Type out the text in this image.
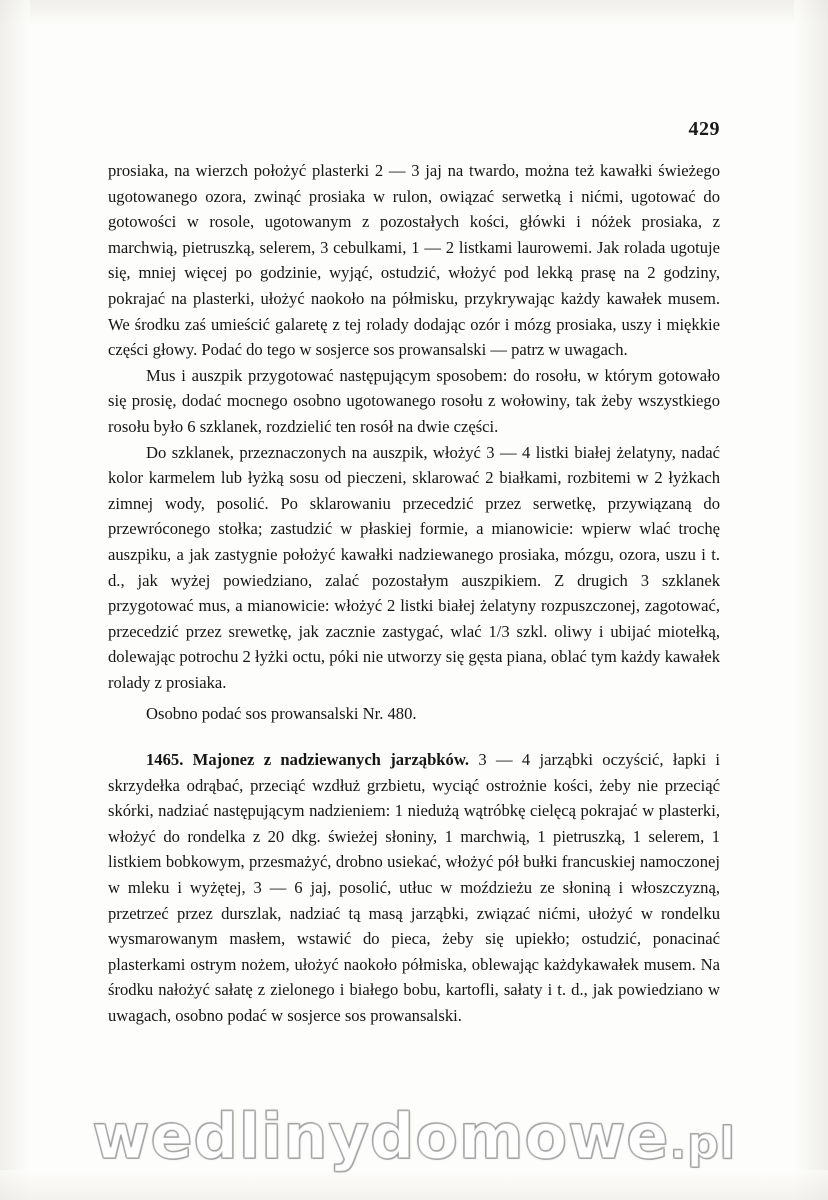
429

prosiaka, na wierzch położyć plasterki 2 — 3 jaj na twardo, można też kawałki świeżego ugotowanego ozora, zwinąć prosiaka w rulon, owiązać serwetką i nićmi, ugotować do gotowości w rosole, ugotowanym z pozostałych kości, główki i nóżek prosiaka, z marchwią, pietruszką, selerem, 3 cebulkami, 1 — 2 listkami laurowemi. Jak rolada ugotuje się, mniej więcej po godzinie, wyjąć, ostudzić, włożyć pod lekką prasę na 2 godziny, pokrajać na plasterki, ułożyć naokoło na półmisku, przykrywając każdy kawałek musem. We środku zaś umieścić galaretę z tej rolady dodając ozór i mózg prosiaka, uszy i miękkie części głowy. Podać do tego w sosjerce sos prowansalski — patrz w uwagach.

Mus i auszpik przygotować następującym sposobem: do rosołu, w którym gotowało się prosię, dodać mocnego osobno ugotowanego rosołu z wołowiny, tak żeby wszystkiego rosołu było 6 szklanek, rozdzielić ten rosół na dwie części.

Do szklanek, przeznaczonych na auszpik, włożyć 3 — 4 listki białej żelatyny, nadać kolor karmelem lub łyżką sosu od pieczeni, sklarować 2 białkami, rozbitemi w 2 łyżkach zimnej wody, posolić. Po sklarowaniu przecedzić przez serwetkę, przywiązaną do przewróconego stołka; zastudzić w płaskiej formie, a mianowicie: wpierw wlać trochę auszpiku, a jak zastygnie położyć kawałki nadziewanego prosiaka, mózgu, ozora, uszu i t. d., jak wyżej powiedziano, zalać pozostałym auszpikiem. Z drugich 3 szklanek przygotować mus, a mianowicie: włożyć 2 listki białej żelatyny rozpuszczonej, zagotować, przecedzić przez srewetkę, jak zacznie zastygać, wlać 1/3 szkl. oliwy i ubijać miotełką, dolewając potrochu 2 łyżki octu, póki nie utworzy się gęsta piana, oblać tym każdy kawałek rolady z prosiaka.

Osobno podać sos prowansalski Nr. 480.

1465. Majonez z nadziewanych jarząbków. 3 — 4 jarząbki oczyścić, łapki i skrzydełka odrąbać, przeciąć wzdłuż grzbietu, wyciąć ostrożnie kości, żeby nie przeciąć skórki, nadziać następującym nadzieniem: 1 niedużą wątróbkę cielęcą pokrajać w plasterki, włożyć do rondelka z 20 dkg. świeżej słoniny, 1 marchwią, 1 pietruszką, 1 selerem, 1 listkiem bobkowym, przesmażyć, drobno usiekać, włożyć pół bułki francuskiej namoczonej w mleku i wyżętej, 3 — 6 jaj, posolić, utłuc w moździeżu ze słoniną i włoszczyzną, przetrzeć przez durszlak, nadziać tą masą jarząbki, związać nićmi, ułożyć w rondelku wysmarowanym masłem, wstawić do pieca, żeby się upiekło; ostudzić, ponacinać plasterkami ostrym nożem, ułożyć naokoło półmiska, oblewając każdykawałek musem. Na środku nałożyć sałatę z zielonego i białego bobu, kartofli, sałaty i t. d., jak powiedziano w uwagach, osobno podać w sosjerce sos prowansalski.

wedlinydomowe.pl
